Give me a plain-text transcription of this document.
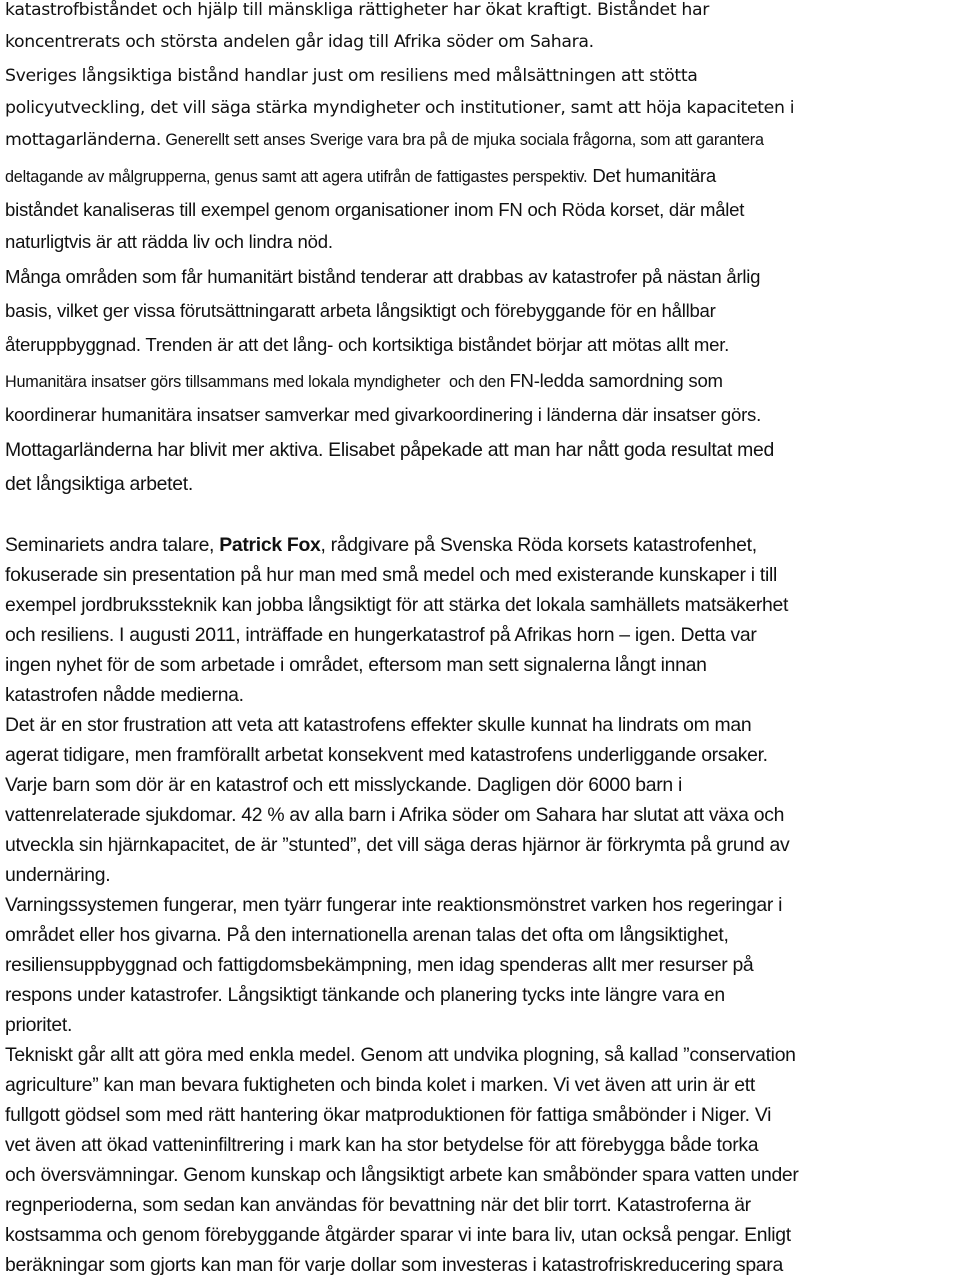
katastrofbiståndet och hjälp till mänskliga rättigheter har ökat kraftigt. Biståndet har
koncentrerats och största andelen går idag till Afrika söder om Sahara.
Sveriges långsiktiga bistånd handlar just om resiliens med målsättningen att stötta
policyutveckling, det vill säga stärka myndigheter och institutioner, samt att höja kapaciteten i
mottagarländerna. Generellt sett anses Sverige vara bra på de mjuka sociala frågorna, som att garantera
deltagande av målgrupperna, genus samt att agera utifrån de fattigastes perspektiv. Det humanitära
biståndet kanaliseras till exempel genom organisationer inom FN och Röda korset, där målet
naturligtvis är att rädda liv och lindra nöd.
Många områden som får humanitärt bistånd tenderar att drabbas av katastrofer på nästan årlig
basis, vilket ger vissa förutsättningaratt arbeta långsiktigt och förebyggande för en hållbar
återuppbyggnad. Trenden är att det lång- och kortsiktiga biståndet börjar att mötas allt mer.
Humanitära insatser görs tillsammans med lokala myndigheter  och den FN-ledda samordning som
koordinerar humanitära insatser samverkar med givarkoordinering i länderna där insatser görs.
Mottagarländerna har blivit mer aktiva. Elisabet påpekade att man har nått goda resultat med
det långsiktiga arbetet.
Seminariets andra talare, Patrick Fox, rådgivare på Svenska Röda korsets katastrofenhet,
fokuserade sin presentation på hur man med små medel och med existerande kunskaper i till
exempel jordbrukssteknik kan jobba långsiktigt för att stärka det lokala samhällets matsäkerhet
och resiliens. I augusti 2011, inträffade en hungerkatastrof på Afrikas horn – igen. Detta var
ingen nyhet för de som arbetade i området, eftersom man sett signalerna långt innan
katastrofen nådde medierna.
Det är en stor frustration att veta att katastrofens effekter skulle kunnat ha lindrats om man
agerat tidigare, men framförallt arbetat konsekvent med katastrofens underliggande orsaker.
Varje barn som dör är en katastrof och ett misslyckande. Dagligen dör 6000 barn i
vattenrelaterade sjukdomar. 42 % av alla barn i Afrika söder om Sahara har slutat att växa och
utveckla sin hjärnkapacitet, de är ”stunted”, det vill säga deras hjärnor är förkrymta på grund av
undernäring.
Varningssystemen fungerar, men tyärr fungerar inte reaktionsmönstret varken hos regeringar i
området eller hos givarna. På den internationella arenan talas det ofta om långsiktighet,
resiliensuppbyggnad och fattigdomsbekämpning, men idag spenderas allt mer resurser på
respons under katastrofer. Långsiktigt tänkande och planering tycks inte längre vara en
prioritet.
Tekniskt går allt att göra med enkla medel. Genom att undvika plogning, så kallad ”conservation
agriculture” kan man bevara fuktigheten och binda kolet i marken. Vi vet även att urin är ett
fullgott gödsel som med rätt hantering ökar matproduktionen för fattiga småbönder i Niger. Vi
vet även att ökad vatteninfiltrering i mark kan ha stor betydelse för att förebygga både torka
och översvämningar. Genom kunskap och långsiktigt arbete kan småbönder spara vatten under
regnperioderna, som sedan kan användas för bevattning när det blir torrt. Katastroferna är
kostsamma och genom förebyggande åtgärder sparar vi inte bara liv, utan också pengar. Enligt
beräkningar som gjorts kan man för varje dollar som investeras i katastrofriskreducering spara
